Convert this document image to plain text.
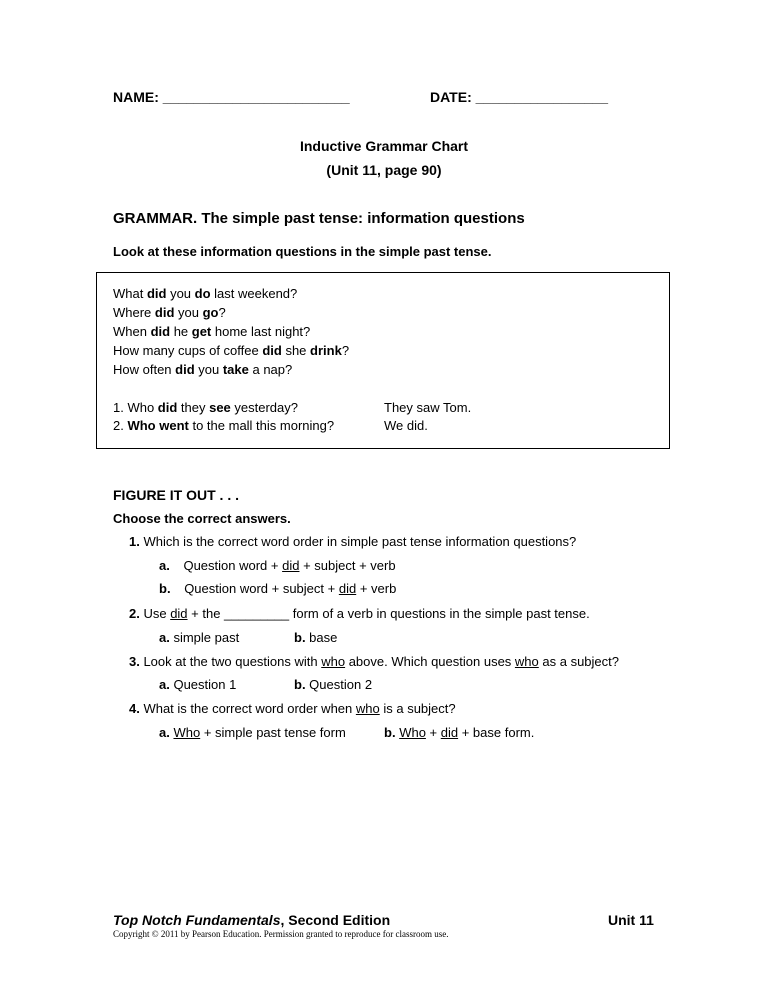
NAME: ________________________	DATE: _________________
Inductive Grammar Chart
(Unit 11, page 90)
GRAMMAR. The simple past tense: information questions
Look at these information questions in the simple past tense.
What did you do last weekend?
Where did you go?
When did he get home last night?
How many cups of coffee did she drink?
How often did you take a nap?
1. Who did they see yesterday?	They saw Tom.
2. Who went to the mall this morning?	We did.
FIGURE IT OUT . . .
Choose the correct answers.
1. Which is the correct word order in simple past tense information questions?
a. Question word + did + subject + verb
b. Question word + subject + did + verb
2. Use did + the _________ form of a verb in questions in the simple past tense.
a. simple past	b. base
3. Look at the two questions with who above. Which question uses who as a subject?
a. Question 1	b. Question 2
4. What is the correct word order when who is a subject?
a. Who + simple past tense form	b. Who + did + base form.
Top Notch Fundamentals, Second Edition	Unit 11
Copyright © 2011 by Pearson Education. Permission granted to reproduce for classroom use.
